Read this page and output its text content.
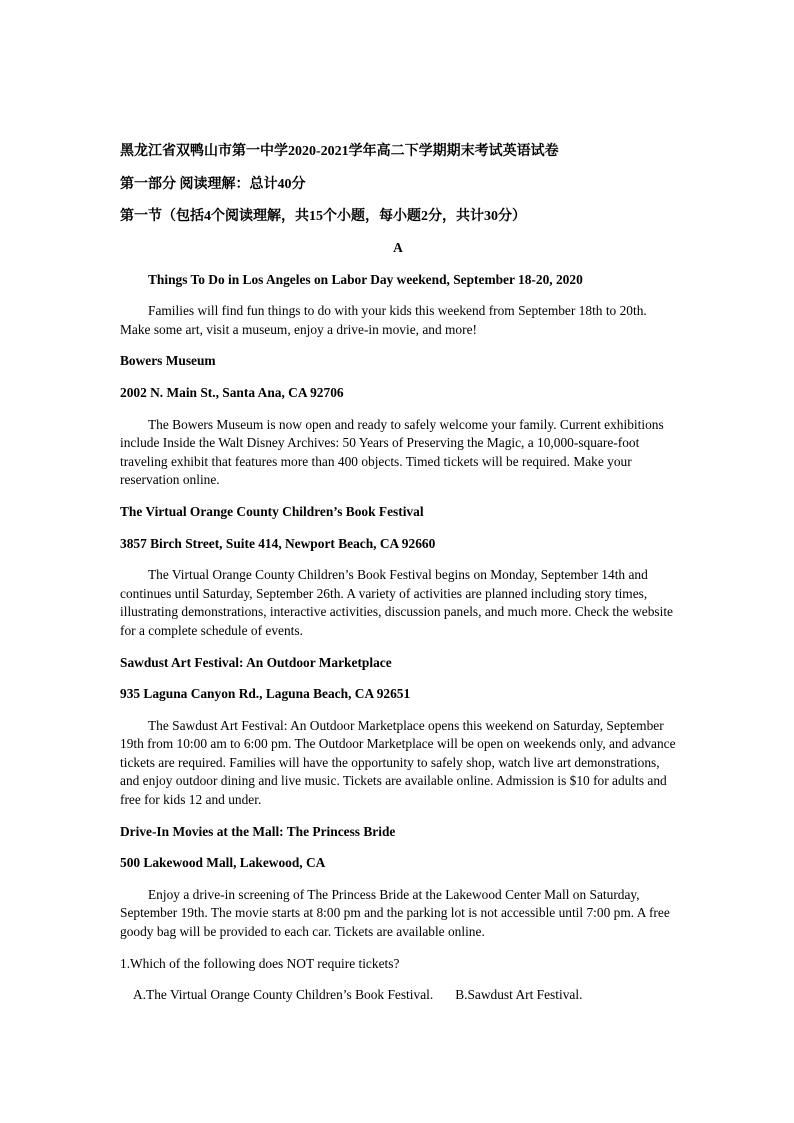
黑龙江省双鸭山市第一中学2020-2021学年高二下学期期末考试英语试卷
第一部分 阅读理解：总计40分
第一节（包括4个阅读理解，共15个小题，每小题2分，共计30分）
A
Things To Do in Los Angeles on Labor Day weekend, September 18-20, 2020
Families will find fun things to do with your kids this weekend from September 18th to 20th. Make some art, visit a museum, enjoy a drive-in movie, and more!
Bowers Museum
2002 N. Main St., Santa Ana, CA 92706
The Bowers Museum is now open and ready to safely welcome your family. Current exhibitions include Inside the Walt Disney Archives: 50 Years of Preserving the Magic, a 10,000-square-foot traveling exhibit that features more than 400 objects. Timed tickets will be required. Make your reservation online.
The Virtual Orange County Children’s Book Festival
3857 Birch Street, Suite 414, Newport Beach, CA 92660
The Virtual Orange County Children’s Book Festival begins on Monday, September 14th and continues until Saturday, September 26th. A variety of activities are planned including story times, illustrating demonstrations, interactive activities, discussion panels, and much more. Check the website for a complete schedule of events.
Sawdust Art Festival: An Outdoor Marketplace
935 Laguna Canyon Rd., Laguna Beach, CA 92651
The Sawdust Art Festival: An Outdoor Marketplace opens this weekend on Saturday, September 19th from 10:00 am to 6:00 pm. The Outdoor Marketplace will be open on weekends only, and advance tickets are required. Families will have the opportunity to safely shop, watch live art demonstrations, and enjoy outdoor dining and live music. Tickets are available online. Admission is $10 for adults and free for kids 12 and under.
Drive-In Movies at the Mall: The Princess Bride
500 Lakewood Mall, Lakewood, CA
Enjoy a drive-in screening of The Princess Bride at the Lakewood Center Mall on Saturday, September 19th. The movie starts at 8:00 pm and the parking lot is not accessible until 7:00 pm. A free goody bag will be provided to each car. Tickets are available online.
1.Which of the following does NOT require tickets?
A.The Virtual Orange County Children’s Book Festival. B.Sawdust Art Festival.
